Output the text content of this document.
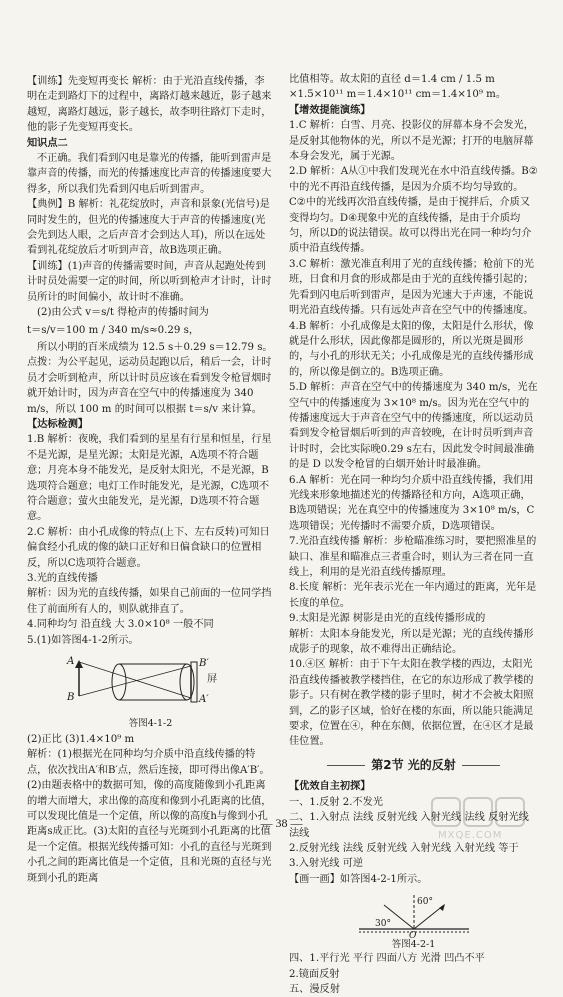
【训练】先变短再变长 解析：由于光沿直线传播，李明在走到路灯下的过程中，离路灯越来越近，影子越来越短，离路灯越远，影子越长，故李明往路灯下走时，他的影子先变短再变长。

知识点二

不正确。我们看到闪电是靠光的传播，能听到雷声是靠声音的传播，而光的传播速度比声音的传播速度要大得多，所以我们先看到闪电后听到雷声。

【典例】B 解析：礼花绽放时，声音和景象(光信号)是同时发生的，但光的传播速度大于声音的传播速度(光会先到达人眼，之后声音才会到达人耳)，所以在远处看到礼花绽放后才听到声音，故B选项正确。

【训练】(1)声音的传播需要时间，声音从起跑处传到计时员处需要一定的时间，所以听到枪声才计时，计时员所计的时间偏小，故计时不准确。

(2)由公式 v＝s/t 得枪声的传播时间为

t＝s/v＝100 m / 340 m/s≈0.29 s，

所以小明的百米成绩为 12.5 s＋0.29 s＝12.79 s。

点拨：为公平起见，运动员起跑以后，稍后一会，计时员才会听到枪声，所以计时员应该在看到发令枪冒烟时就开始计时，因为声音在空气中的传播速度为 340 m/s，所以 100 m 的时间可以根据 t＝s/v 来计算。

【达标检测】

1.B 解析：夜晚，我们看到的星星有行星和恒星，行星不是光源，是星光源；太阳是光源，A选项不符合题意；月亮本身不能发光，是反射太阳光，不是光源，B选项符合题意；电灯工作时能发光，是光源，C选项不符合题意；萤火虫能发光，是光源，D选项不符合题意。

2.C 解析：由小孔成像的特点(上下、左右反转)可知日偏食经小孔成的像的缺口正好和日偏食缺口的位置相反，所以C选项符合题意。

3.光的直线传播

解析：因为光的直线传播，如果自己前面的一位同学挡住了前面所有人的，则队就排直了。

4.同种均匀 沿直线 大 3.0×10⁸ 一般不同

5.(1)如答图4-1-2所示。

A
B
B′
A′
屏
答图4-1-2

(2)正比 (3)1.4×10⁹ m

解析：(1)根据光在同种均匀介质中沿直线传播的特点，依次找出A′和B′点，然后连接，即可得出像A′B′。(2)由题表格中的数据可知，像的高度随像到小孔距离的增大而增大，求出像的高度和像到小孔距离的比值，可以发现比值是一个定值，所以像的高度h与像到小孔距离s成正比。(3)太阳的直径与光斑到小孔距离的比值是一个定值。根据光线传播可知：小孔的直径与光斑到小孔之间的距离比值是一个定值，且和光斑的直径与光斑到小孔的距离

比值相等。故太阳的直径 d＝1.4 cm / 1.5 m ×1.5×10¹¹ m＝1.4×10¹¹ cm＝1.4×10⁹ m。

【增效提能演练】

1.C 解析：白雪、月亮、投影仪的屏幕本身不会发光，是反射其他物体的光，所以不是光源；打开的电脑屏幕本身会发光，属于光源。

2.D 解析：A从①中我们发现光在水中沿直线传播。B②中的光不再沿直线传播，是因为介质不均匀导致的。C②中的光线再次沿直线传播，是由于搅拌后，介质又变得均匀。D④现象中光的直线传播，是由于介质均匀，所以D的说法错误。故可以得出光在同一种均匀介质中沿直线传播。

3.C 解析：激光准直利用了光的直线传播；枪前下的光班，日食和月食的形成都是由于光的直线传播引起的；先看到闪电后听到雷声，是因为光速大于声速，不能说明光沿直线传播。只有远处声音在空气中的传播速度。

4.B 解析：小孔成像是太阳的像，太阳是什么形状，像就是什么形状，因此像都是圆形的，所以光斑是圆形的，与小孔的形状无关；小孔成像是光的直线传播形成的，所以像是倒立的。B选项正确。

5.D 解析：声音在空气中的传播速度为 340 m/s，光在空气中的传播速度为 3×10⁸ m/s。因为光在空气中的传播速度远大于声音在空气中的传播速度，所以运动员看到发令枪冒烟后听到的声音较晚，在计时员听到声音计时时，会比实际晚0.29 s左右，因此发令时间最准确的是 D 以发令枪冒的白烟开始计时最准确。

6.A 解析：光在同一种均匀介质中沿直线传播，我们用光线来形象地描述光的传播路径和方向，A选项正确，B选项错误；光在真空中的传播速度为 3×10⁸ m/s，C选项错误；光传播时不需要介质，D选项错误。

7.光沿直线传播 解析：步枪瞄准练习时，要把照准星的缺口、准星和瞄准点三者重合时，则认为三者在同一直线上，利用的是光沿直线传播原理。

8.长度 解析：光年表示光在一年内通过的距离，光年是长度的单位。

9.太阳是光源 树影是由光的直线传播形成的

解析：太阳本身能发光，所以是光源；光的直线传播形成影子的现象，故不难得出正确结论。

10.④区 解析：由于下午太阳在教学楼的西边，太阳光沿直线传播被教学楼挡住，在它的东边形成了教学楼的影子。只有树在教学楼的影子里时，树才不会被太阳照到，乙的影子区域，恰好在楼的东面，所以能只能满足要求，位置在④，种在东侧，依据位置，在④区才是最佳位置。

第2节 光的反射

【优效自主初探】

一、1.反射 2.不发光

二、1.入射点 法线 反射光线 入射光线 法线 反射光线 法线

2.反射光线 法线 反射光线 入射光线 入射光线 等于

3.入射光线 可逆

【画一画】如答图4-2-1所示。

60°
30°
O
答图4-2-1

四、1.平行光 平行 四面八方 光滑 凹凸不平

2.镜面反射

五、漫反射

— 38 —
MXQE.COM
